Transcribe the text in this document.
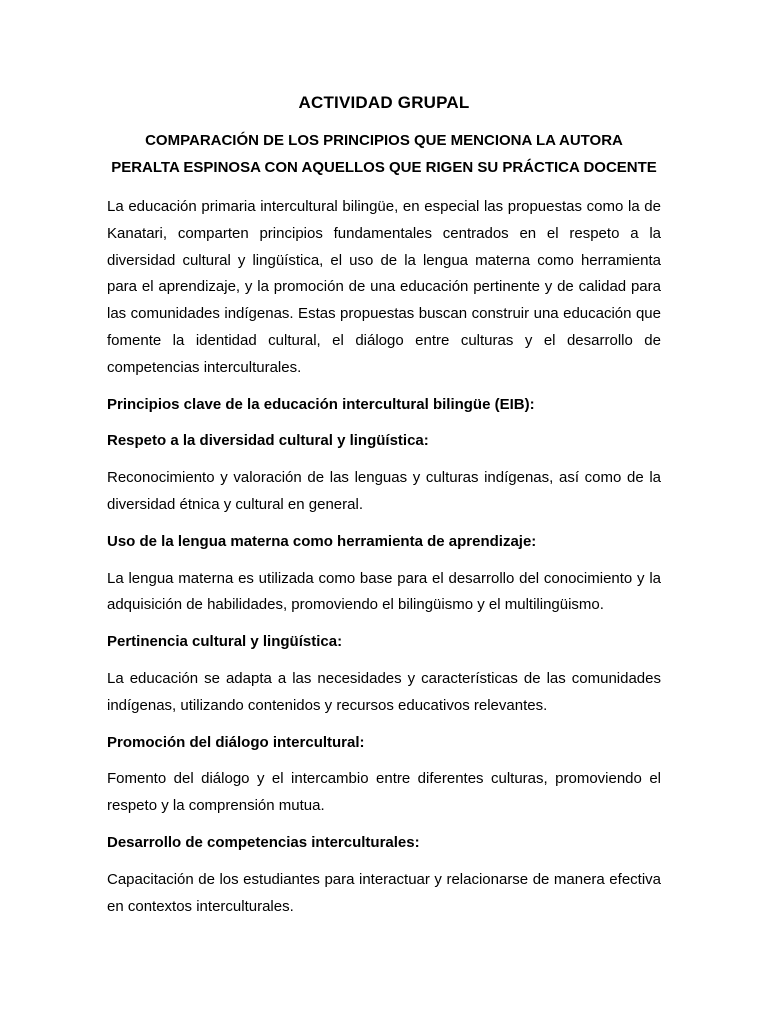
ACTIVIDAD GRUPAL
COMPARACIÓN DE LOS PRINCIPIOS QUE MENCIONA LA AUTORA
PERALTA ESPINOSA CON AQUELLOS QUE RIGEN SU PRÁCTICA DOCENTE

La educación primaria intercultural bilingüe, en especial las propuestas como la de Kanatari, comparten principios fundamentales centrados en el respeto a la diversidad cultural y lingüística, el uso de la lengua materna como herramienta para el aprendizaje, y la promoción de una educación pertinente y de calidad para las comunidades indígenas. Estas propuestas buscan construir una educación que fomente la identidad cultural, el diálogo entre culturas y el desarrollo de competencias interculturales.

Principios clave de la educación intercultural bilingüe (EIB):

Respeto a la diversidad cultural y lingüística:

Reconocimiento y valoración de las lenguas y culturas indígenas, así como de la diversidad étnica y cultural en general.

Uso de la lengua materna como herramienta de aprendizaje:

La lengua materna es utilizada como base para el desarrollo del conocimiento y la adquisición de habilidades, promoviendo el bilingüismo y el multilingüismo.

Pertinencia cultural y lingüística:

La educación se adapta a las necesidades y características de las comunidades indígenas, utilizando contenidos y recursos educativos relevantes.

Promoción del diálogo intercultural:

Fomento del diálogo y el intercambio entre diferentes culturas, promoviendo el respeto y la comprensión mutua.

Desarrollo de competencias interculturales:

Capacitación de los estudiantes para interactuar y relacionarse de manera efectiva en contextos interculturales.
